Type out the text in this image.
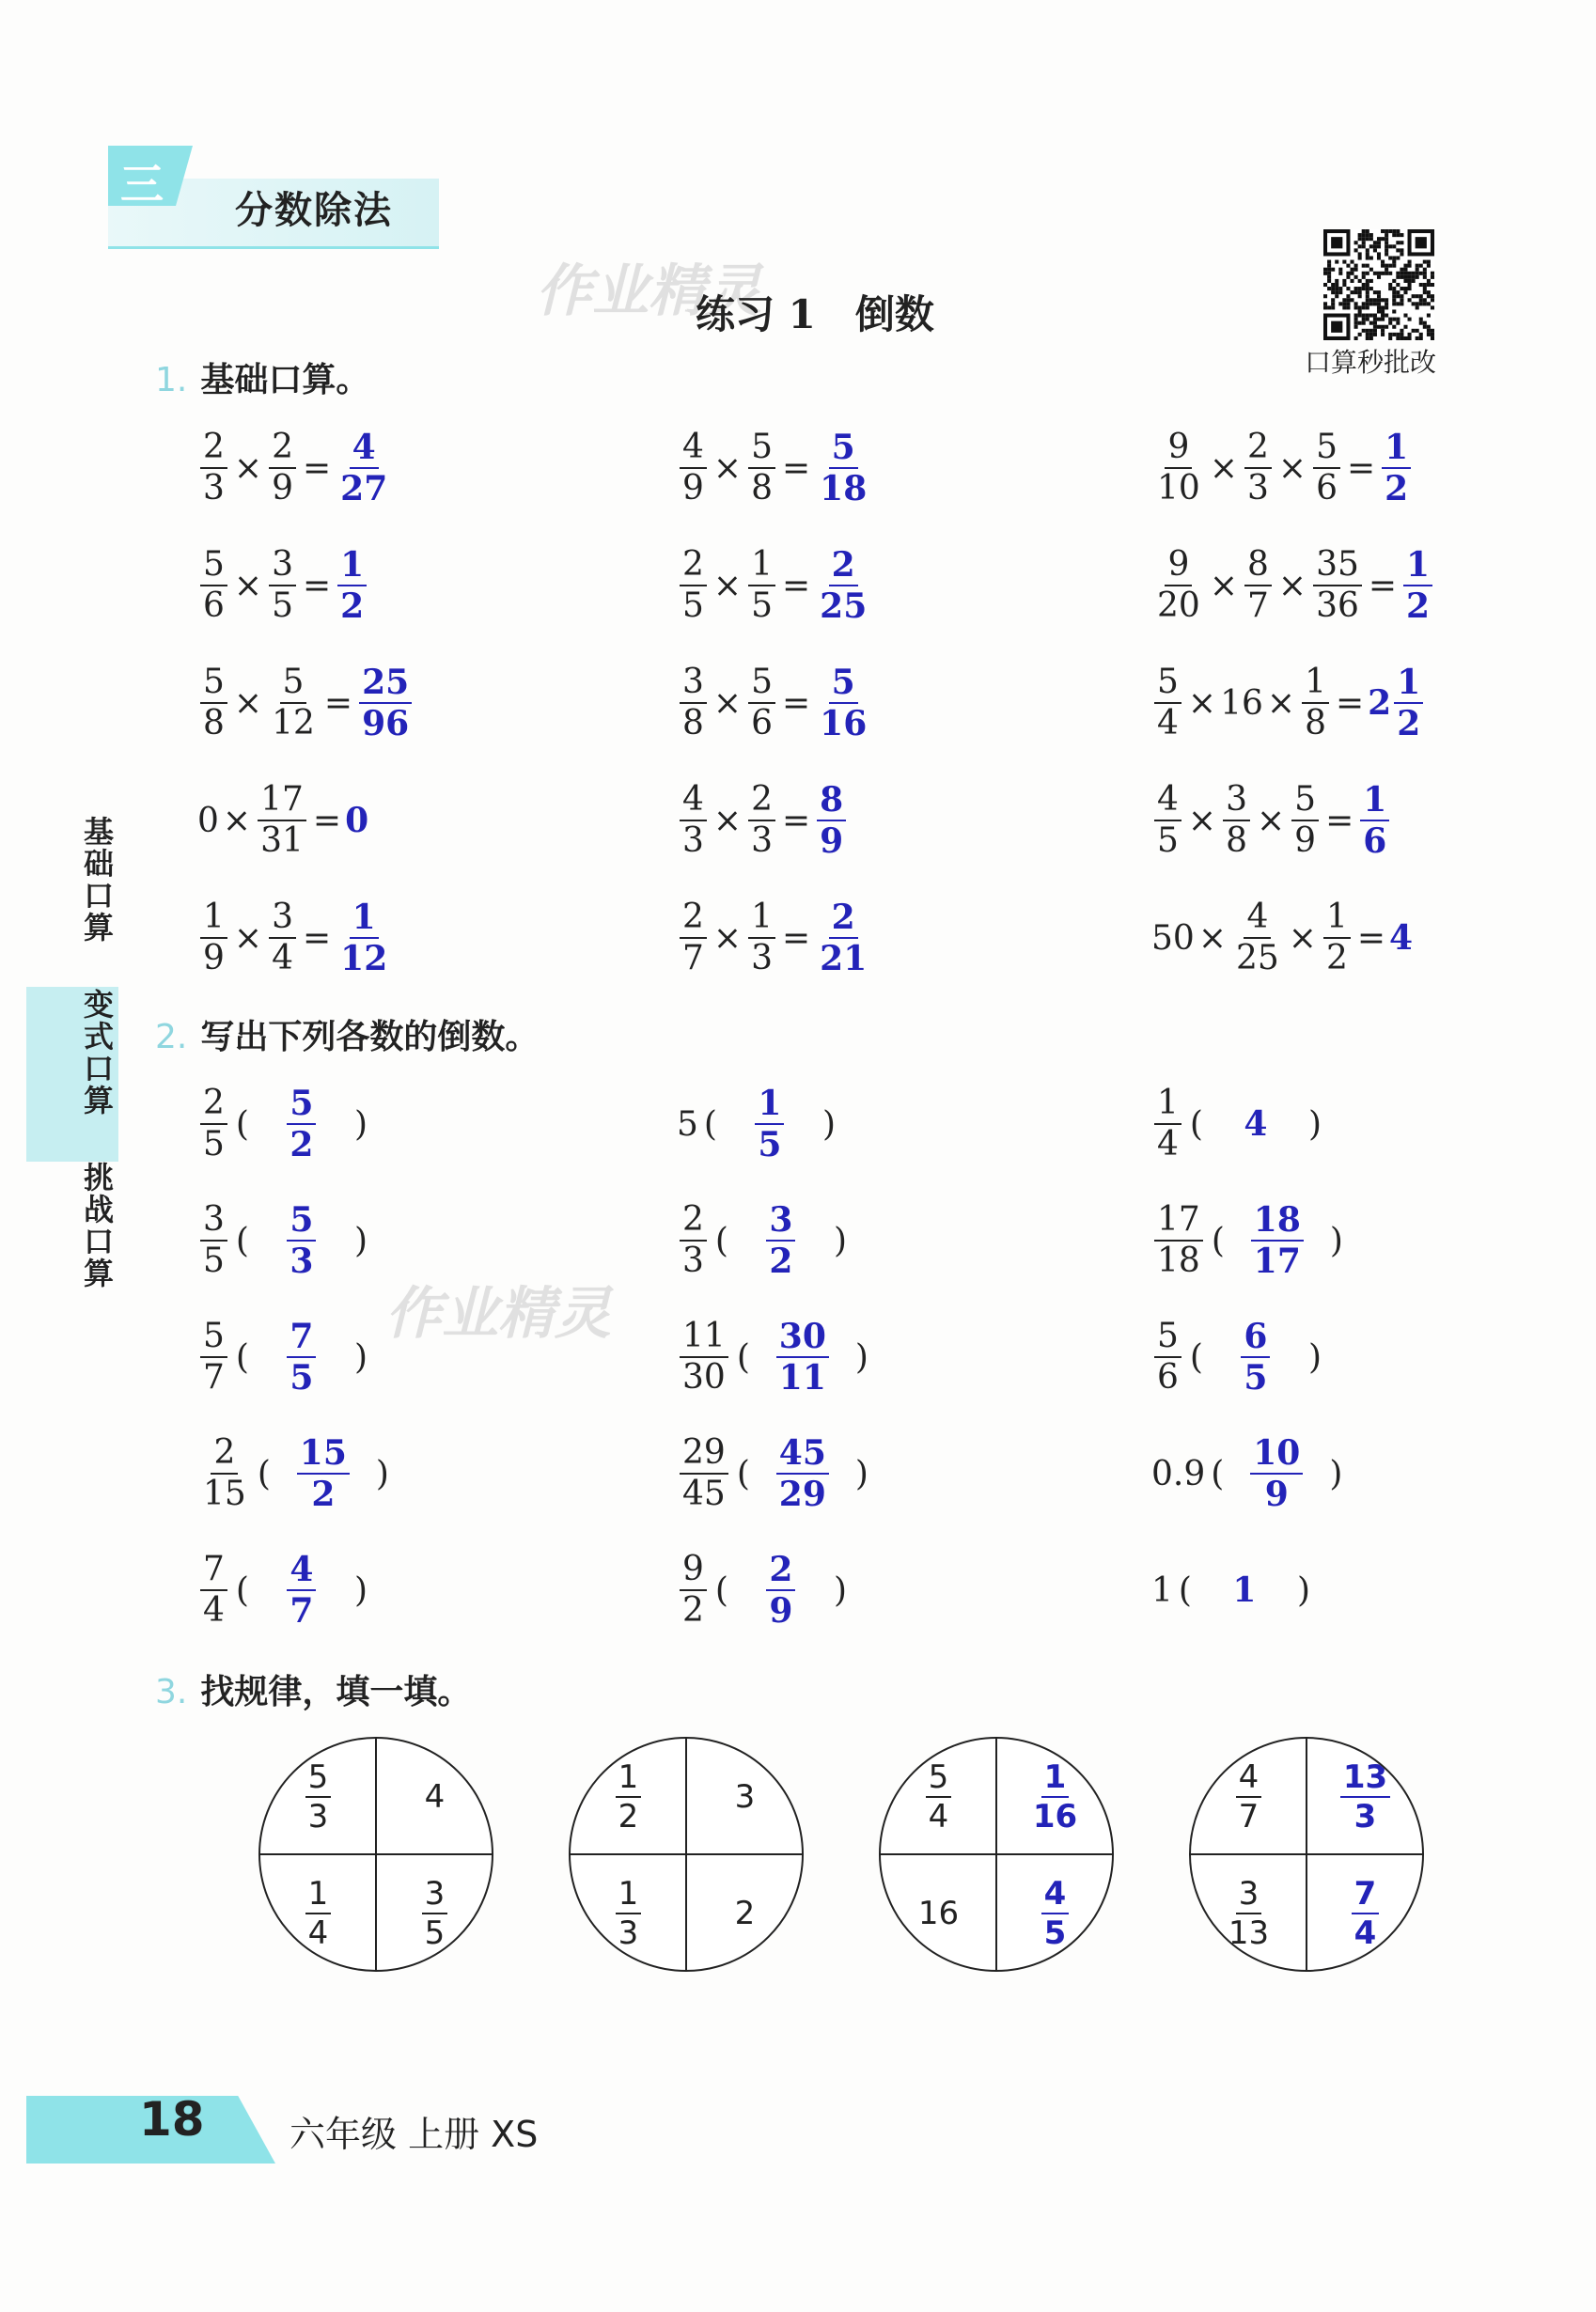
三
分数除法
作业精灵
练习 1　倒数
口算秒批改
基础口算
变式口算
挑战口算
1. 基础口算。
$\frac{2}{3} \times \frac{2}{9} = \frac{4}{27}$	$\frac{4}{9} \times \frac{5}{8} = \frac{5}{18}$	$\frac{9}{10} \times \frac{2}{3} \times \frac{5}{6} = \frac{1}{2}$
$\frac{5}{6} \times \frac{3}{5} = \frac{1}{2}$	$\frac{2}{5} \times \frac{1}{5} = \frac{2}{25}$	$\frac{9}{20} \times \frac{8}{7} \times \frac{35}{36} = \frac{1}{2}$
$\frac{5}{8} \times \frac{5}{12} = \frac{25}{96}$	$\frac{3}{8} \times \frac{5}{6} = \frac{5}{16}$	$\frac{5}{4} \times 16 \times \frac{1}{8} = 2 \frac{1}{2}$
$0 \times \frac{17}{31} = 0$	$\frac{4}{3} \times \frac{2}{3} = \frac{8}{9}$	$\frac{4}{5} \times \frac{3}{8} \times \frac{5}{9} = \frac{1}{6}$
$\frac{1}{9} \times \frac{3}{4} = \frac{1}{12}$	$\frac{2}{7} \times \frac{1}{3} = \frac{2}{21}$	$50 \times \frac{4}{25} \times \frac{1}{2} = 4$
2. 写出下列各数的倒数。
作业精灵
$\frac{2}{5}$ ( $\frac{5}{2}$ )	5 ( $\frac{1}{5}$ )	$\frac{1}{4}$ ( 4 )
$\frac{3}{5}$ ( $\frac{5}{3}$ )	$\frac{2}{3}$ ( $\frac{3}{2}$ )	$\frac{17}{18}$ ( $\frac{18}{17}$ )
$\frac{5}{7}$ ( $\frac{7}{5}$ )	$\frac{11}{30}$ ( $\frac{30}{11}$ )	$\frac{5}{6}$ ( $\frac{6}{5}$ )
$\frac{2}{15}$ ( $\frac{15}{2}$ )	$\frac{29}{45}$ ( $\frac{45}{29}$ )	0.9 ( $\frac{10}{9}$ )
$\frac{7}{4}$ ( $\frac{4}{7}$ )	$\frac{9}{2}$ ( $\frac{2}{9}$ )	1 ( 1 )
3. 找规律，填一填。
$\frac{5}{3}$	4
$\frac{1}{4}$	$\frac{3}{5}$
$\frac{1}{2}$	3
$\frac{1}{3}$	2
$\frac{5}{4} \frac{1}{16}$
16	$\frac{4}{5}$
$\frac{4}{7} \frac{13}{3}$
$\frac{3}{13} \frac{7}{4}$
18 六年级 上册 XS
